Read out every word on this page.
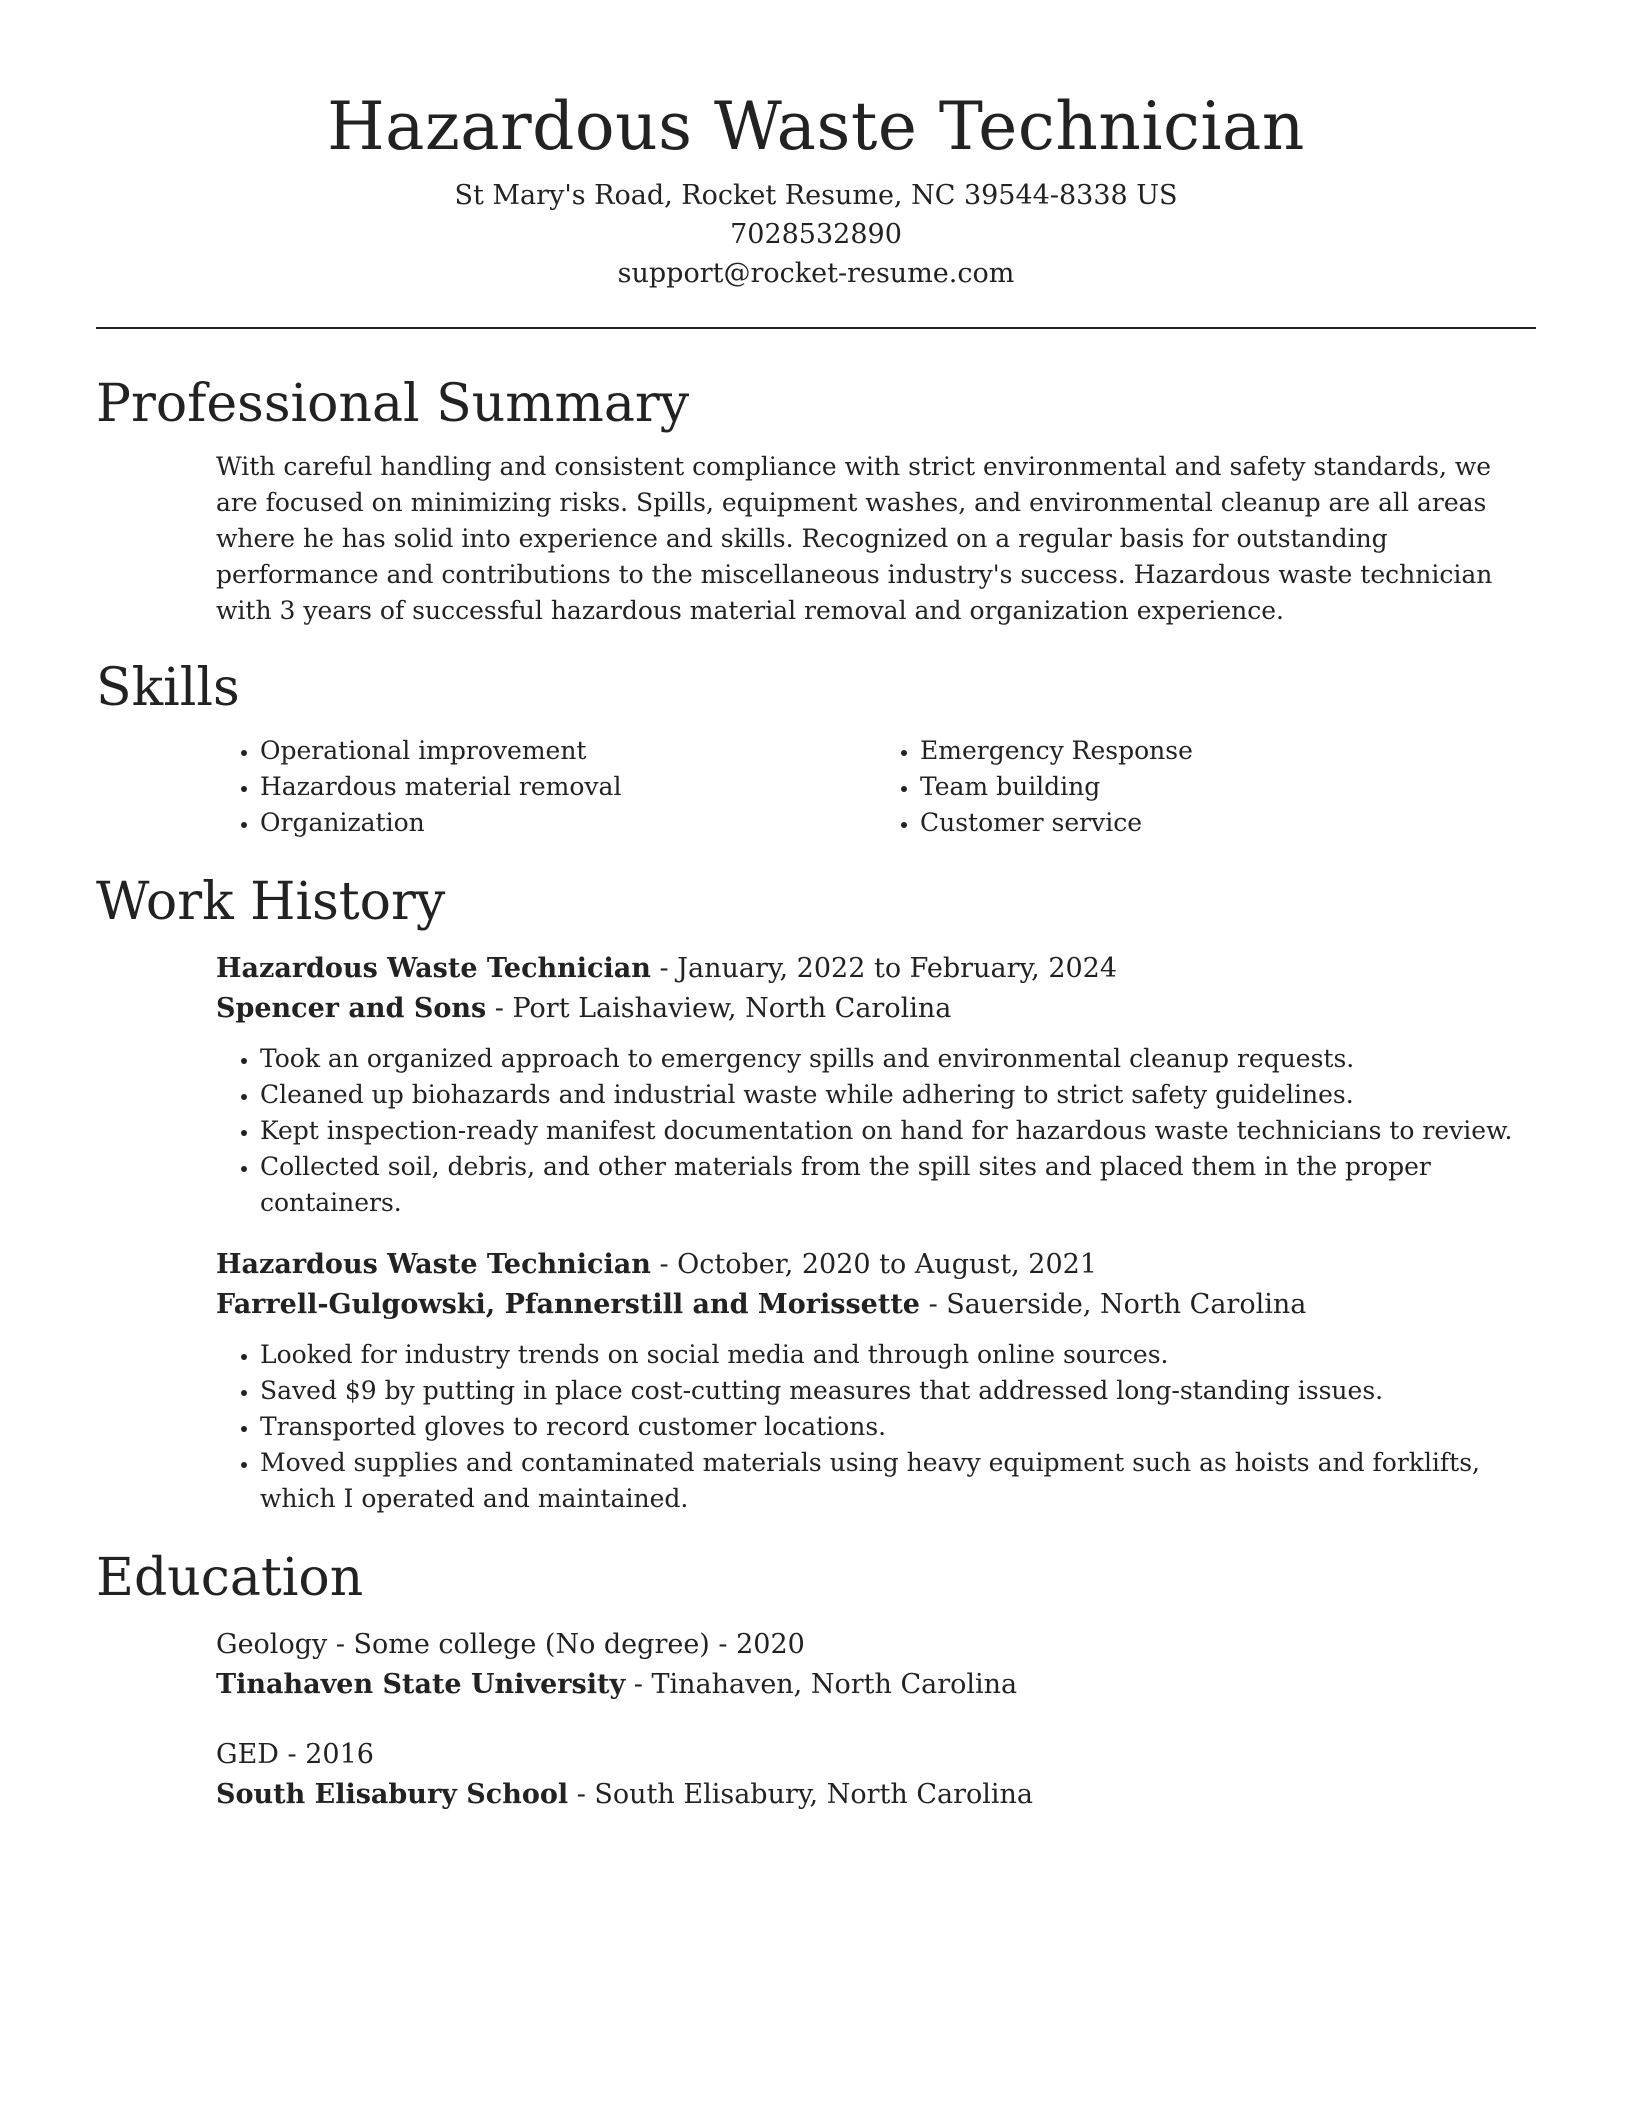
Hazardous Waste Technician

St Mary's Road, Rocket Resume, NC 39544-8338 US

7028532890

support@rocket-resume.com

Professional Summary

With careful handling and consistent compliance with strict environmental and safety standards, we are focused on minimizing risks. Spills, equipment washes, and environmental cleanup are all areas where he has solid into experience and skills. Recognized on a regular basis for outstanding performance and contributions to the miscellaneous industry's success. Hazardous waste technician with 3 years of successful hazardous material removal and organization experience.

Skills
• Operational improvement
• Hazardous material removal
• Organization
• Emergency Response
• Team building
• Customer service
Work History

Hazardous Waste Technician - January, 2022 to February, 2024

Spencer and Sons - Port Laishaview, North Carolina

• Took an organized approach to emergency spills and environmental cleanup requests.
• Cleaned up biohazards and industrial waste while adhering to strict safety guidelines.
• Kept inspection-ready manifest documentation on hand for hazardous waste technicians to review.
• Collected soil, debris, and other materials from the spill sites and placed them in the proper containers.

Hazardous Waste Technician - October, 2020 to August, 2021

Farrell-Gulgowski, Pfannerstill and Morissette - Sauerside, North Carolina

• Looked for industry trends on social media and through online sources.
• Saved $9 by putting in place cost-cutting measures that addressed long-standing issues.
• Transported gloves to record customer locations.
• Moved supplies and contaminated materials using heavy equipment such as hoists and forklifts, which I operated and maintained.
Education

Geology - Some college (No degree) - 2020

Tinahaven State University - Tinahaven, North Carolina

GED - 2016

South Elisabury School - South Elisabury, North Carolina
